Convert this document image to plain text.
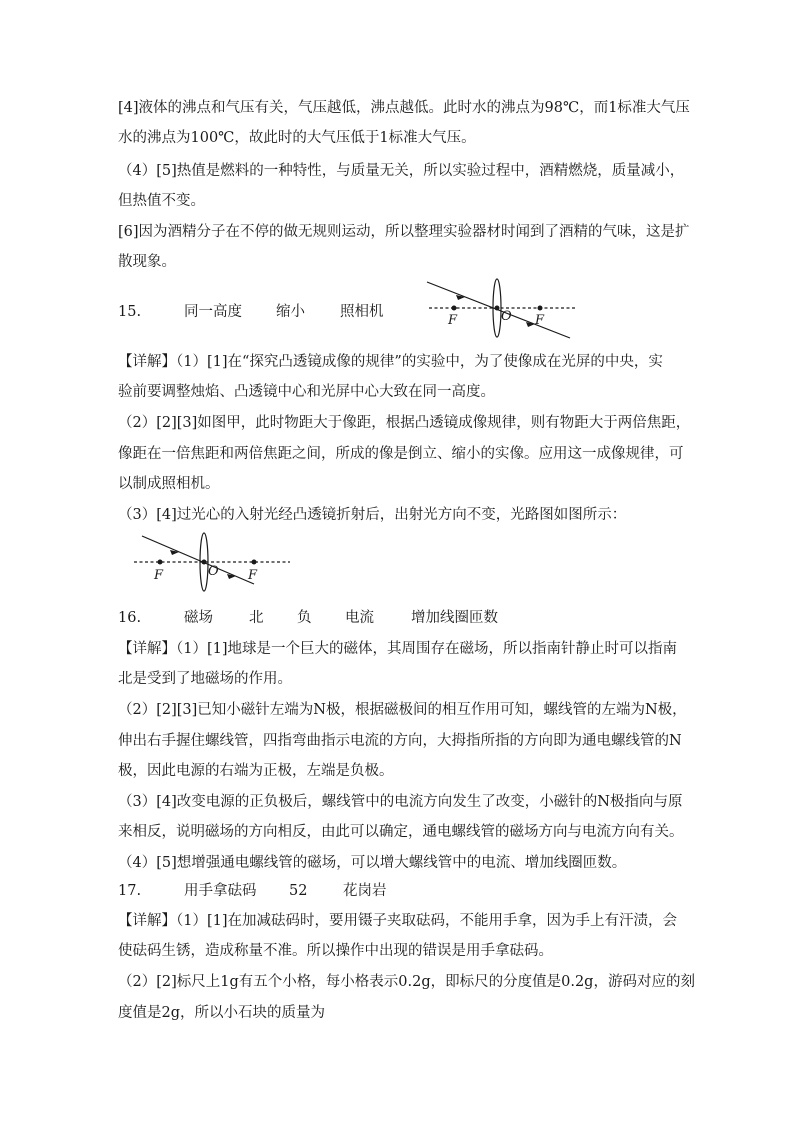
[4]液体的沸点和气压有关，气压越低，沸点越低。此时水的沸点为98℃，而1标准大气压
水的沸点为100℃，故此时的大气压低于1标准大气压。
（4）[5]热值是燃料的一种特性，与质量无关，所以实验过程中，酒精燃烧，质量减小，
但热值不变。
[6]因为酒精分子在不停的做无规则运动，所以整理实验器材时闻到了酒精的气味，这是扩
散现象。
15.	同一高度 缩小 照相机
F	O F
【详解】（1）[1]在“探究凸透镜成像的规律”的实验中，为了使像成在光屏的中央，实
验前要调整烛焰、凸透镜中心和光屏中心大致在同一高度。
（2）[2][3]如图甲，此时物距大于像距，根据凸透镜成像规律，则有物距大于两倍焦距，
像距在一倍焦距和两倍焦距之间，所成的像是倒立、缩小的实像。应用这一成像规律，可
以制成照相机。
（3）[4]过光心的入射光经凸透镜折射后，出射光方向不变，光路图如图所示：
F	O F
16.	磁场 北 负 电流	增加线圈匝数
【详解】（1）[1]地球是一个巨大的磁体，其周围存在磁场，所以指南针静止时可以指南
北是受到了地磁场的作用。
（2）[2][3]已知小磁针左端为N极，根据磁极间的相互作用可知，螺线管的左端为N极，
伸出右手握住螺线管，四指弯曲指示电流的方向，大拇指所指的方向即为通电螺线管的N
极，因此电源的右端为正极，左端是负极。
（3）[4]改变电源的正负极后，螺线管中的电流方向发生了改变，小磁针的N极指向与原
来相反，说明磁场的方向相反，由此可以确定，通电螺线管的磁场方向与电流方向有关。
（4）[5]想增强通电螺线管的磁场，可以增大螺线管中的电流、增加线圈匝数。
17.	用手拿砝码 52 花岗岩
【详解】（1）[1]在加减砝码时，要用镊子夹取砝码，不能用手拿，因为手上有汗渍，会
使砝码生锈，造成称量不准。所以操作中出现的错误是用手拿砝码。
（2）[2]标尺上1g有五个小格，每小格表示0.2g，即标尺的分度值是0.2g，游码对应的刻
度值是2g，所以小石块的质量为
